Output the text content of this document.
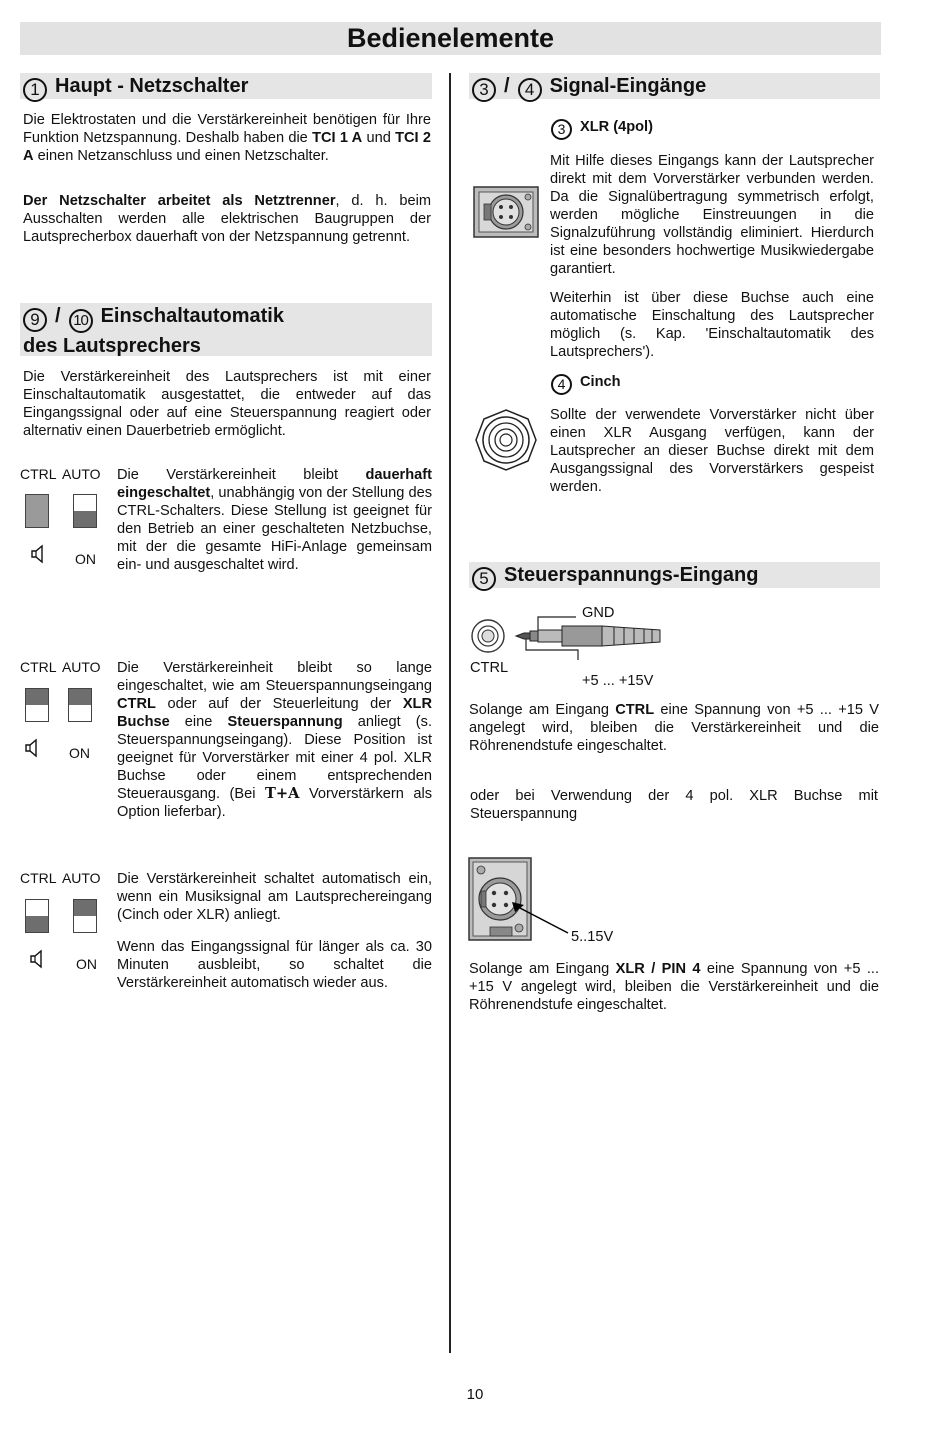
Bedienelemente
1 Haupt - Netzschalter

Die Elektrostaten und die Verstärkereinheit benötigen für Ihre Funktion Netzspannung. Deshalb haben die TCI 1 A und TCI 2 A einen Netzanschluss und einen Netzschalter.

Der Netzschalter arbeitet als Netztrenner, d. h. beim Ausschalten werden alle elektrischen Baugruppen der Lautsprecherbox dauerhaft von der Netzspannung getrennt.

9 / 10 Einschaltautomatik
des Lautsprechers

Die Verstärkereinheit des Lautsprechers ist mit einer Einschaltautomatik ausgestattet, die entweder auf das Eingangssignal oder auf eine Steuerspannung reagiert oder alternativ einen Dauerbetrieb ermöglicht.

CTRL AUTO
ON

Die Verstärkereinheit bleibt dauerhaft eingeschaltet, unabhängig von der Stellung des CTRL-Schalters. Diese Stellung ist geeignet für den Betrieb an einer geschalteten Netzbuchse, mit der die gesamte HiFi-Anlage gemeinsam ein- und ausgeschaltet wird.

CTRL AUTO
ON

Die Verstärkereinheit bleibt so lange eingeschaltet, wie am Steuerspannungseingang CTRL oder auf der Steuerleitung der XLR Buchse eine Steuerspannung anliegt (s. Steuerspannungseingang). Diese Position ist geeignet für Vorverstärker mit einer 4 pol. XLR Buchse oder einem entsprechenden Steuerausgang. (Bei T+A Vorverstärkern als Option lieferbar).

CTRL AUTO
ON

Die Verstärkereinheit schaltet automatisch ein, wenn ein Musiksignal am Lautsprechereingang (Cinch oder XLR) anliegt.

Wenn das Eingangssignal für länger als ca. 30 Minuten ausbleibt, so schaltet die Verstärkereinheit automatisch wieder aus.

3 / 4 Signal-Eingänge
3 XLR (4pol)

Mit Hilfe dieses Eingangs kann der Lautsprecher direkt mit dem Vorverstärker verbunden werden. Da die Signalübertragung symmetrisch erfolgt, werden mögliche Einstreuungen in die Signalzuführung vollständig eliminiert. Hierdurch ist eine besonders hochwertige Musikwiedergabe garantiert.

Weiterhin ist über diese Buchse auch eine automatische Einschaltung des Lautsprecher möglich (s. Kap. 'Einschaltautomatik des Lautsprechers').

4 Cinch

Sollte der verwendete Vorverstärker nicht über einen XLR Ausgang verfügen, kann der Lautsprecher an dieser Buchse direkt mit dem Ausgangssignal des Vorverstärkers gespeist werden.

5 Steuerspannungs-Eingang
GND
CTRL
+5 ... +15V

Solange am Eingang CTRL eine Spannung von +5 ... +15 V angelegt wird, bleiben die Verstärkereinheit und die Röhrenendstufe eingeschaltet.

oder bei Verwendung der 4 pol. XLR Buchse mit Steuerspannung

5..15V

Solange am Eingang XLR / PIN 4 eine Spannung von +5 ... +15 V angelegt wird, bleiben die Verstärkereinheit und die Röhrenendstufe eingeschaltet.

10
